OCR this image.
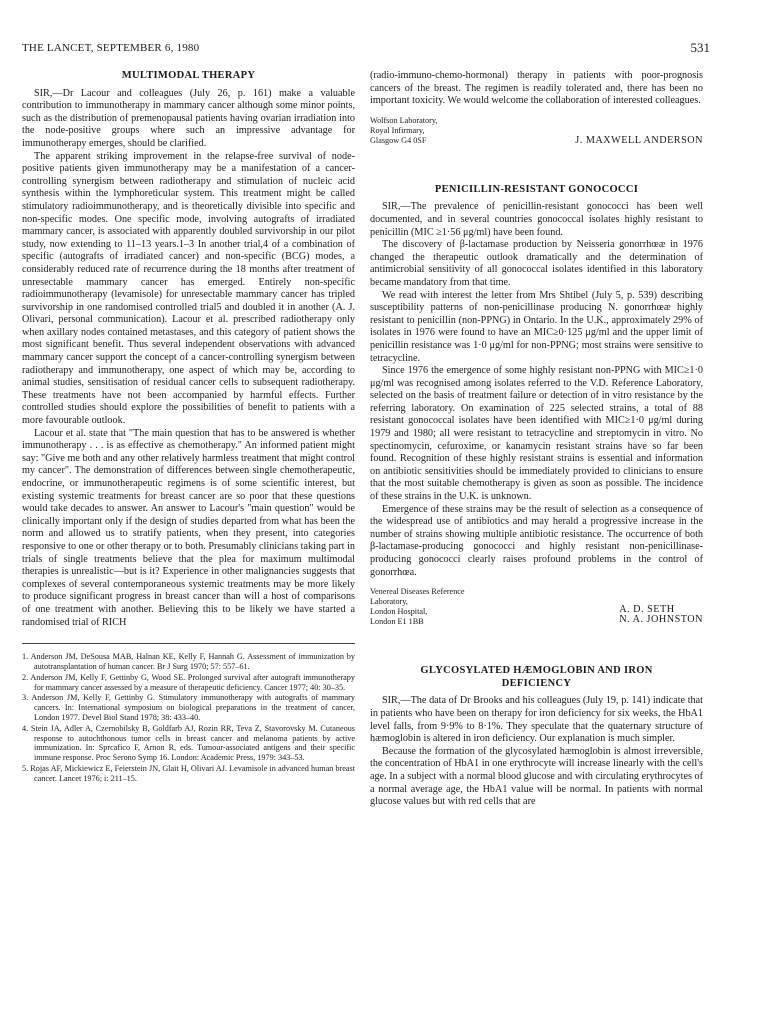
THE LANCET, SEPTEMBER 6, 1980	531
MULTIMODAL THERAPY

SIR,—Dr Lacour and colleagues (July 26, p. 161) make a valuable contribution to immunotherapy in mammary cancer although some minor points, such as the distribution of premenopausal patients having ovarian irradiation into the node-positive groups where such an impressive advantage for immunotherapy emerges, should be clarified.

The apparent striking improvement in the relapse-free survival of node-positive patients given immunotherapy may be a manifestation of a cancer-controlling synergism between radiotherapy and stimulation of nucleic acid synthesis within the lymphoreticular system. This treatment might be called stimulatory radioimmunotherapy, and is theoretically divisible into specific and non-specific modes. One specific mode, involving autografts of irradiated mammary cancer, is associated with apparently doubled survivorship in our pilot study, now extending to 11–13 years.1–3 In another trial,4 of a combination of specific (autografts of irradiated cancer) and non-specific (BCG) modes, a considerably reduced rate of recurrence during the 18 months after treatment of unresectable mammary cancer has emerged. Entirely non-specific radioimmunotherapy (levamisole) for unresectable mammary cancer has tripled survivorship in one randomised controlled trial5 and doubled it in another (A. J. Olivari, personal communication). Lacour et al. prescribed radiotherapy only when axillary nodes contained metastases, and this category of patient shows the most significant benefit. Thus several independent observations with advanced mammary cancer support the concept of a cancer-controlling synergism between radiotherapy and immunotherapy, one aspect of which may be, according to animal studies, sensitisation of residual cancer cells to subsequent radiotherapy. These treatments have not been accompanied by harmful effects. Further controlled studies should explore the possibilities of benefit to patients with a more favourable outlook.

Lacour et al. state that "The main question that has to be answered is whether immunotherapy . . . is as effective as chemotherapy." An informed patient might say: "Give me both and any other relatively harmless treatment that might control my cancer". The demonstration of differences between single chemotherapeutic, endocrine, or immunotherapeutic regimens is of some scientific interest, but existing systemic treatments for breast cancer are so poor that these questions would take decades to answer. An answer to Lacour's "main question" would be clinically important only if the design of studies departed from what has been the norm and allowed us to stratify patients, when they present, into categories responsive to one or other therapy or to both. Presumably clinicians taking part in trials of single treatments believe that the plea for maximum multimodal therapies is unrealistic—but is it? Experience in other malignancies suggests that complexes of several contemporaneous systemic treatments may be more likely to produce significant progress in breast cancer than will a host of comparisons of one treatment with another. Believing this to be likely we have started a randomised trial of RICH

1. Anderson JM, DeSousa MAB, Halnan KE, Kelly F, Hannah G. Assessment of immunization by autotransplantation of human cancer. Br J Surg 1970; 57: 557–61.
2. Anderson JM, Kelly F, Gettinby G, Wood SE. Prolonged survival after autograft immunotherapy for mammary cancer assessed by a measure of therapeutic deficiency. Cancer 1977; 40: 30–35.
3. Anderson JM, Kelly F, Gettinby G. Stimulatory immunotherapy with autografts of mammary cancers. In: International symposium on biological preparations in the treatment of cancer, London 1977. Devel Biol Stand 1978; 38: 433–40.
4. Stein JA, Adler A, Czernobilsky B, Goldfarb AJ, Rozin RR, Teva Z, Stavorovsky M. Cutaneous response to autochthonous tumor cells in breast cancer and melanoma patients by active immunization. In: Sprcafico F, Arnon R, eds. Tumour-associated antigens and their specific immune response. Proc Serono Symp 16. London: Academic Press, 1979: 343–53.
5. Rojas AF, Mickiewicz E, Feierstein JN, Glait H, Olivari AJ. Levamisole in advanced human breast cancer. Lancet 1976; i: 211–15.

(radio-immuno-chemo-hormonal) therapy in patients with poor-prognosis cancers of the breast. The regimen is readily tolerated and, there has been no important toxicity. We would welcome the collaboration of interested colleagues.

Wolfson Laboratory,
Royal Infirmary,
Glasgow G4 0SF	J. MAXWELL ANDERSON
PENICILLIN-RESISTANT GONOCOCCI

SIR,—The prevalence of penicillin-resistant gonococci has been well documented, and in several countries gonococcal isolates highly resistant to penicillin (MIC ≥1·56 μg/ml) have been found.

The discovery of β-lactamase production by Neisseria gonorrhœæ in 1976 changed the therapeutic outlook dramatically and the determination of antimicrobial sensitivity of all gonococcal isolates identified in this laboratory became mandatory from that time.

We read with interest the letter from Mrs Shtibel (July 5, p. 539) describing susceptibility patterns of non-penicillinase producing N. gonorrhœæ highly resistant to penicillin (non-PPNG) in Ontario. In the U.K., approximately 29% of isolates in 1976 were found to have an MIC≥0·125 μg/ml and the upper limit of penicillin resistance was 1·0 μg/ml for non-PPNG; most strains were sensitive to tetracycline.

Since 1976 the emergence of some highly resistant non-PPNG with MIC≥1·0 μg/ml was recognised among isolates referred to the V.D. Reference Laboratory, selected on the basis of treatment failure or detection of in vitro resistance by the referring laboratory. On examination of 225 selected strains, a total of 88 resistant gonococcal isolates have been identified with MIC≥1·0 μg/ml during 1979 and 1980; all were resistant to tetracycline and streptomycin in vitro. No spectinomycin, cefuroxime, or kanamycin resistant strains have so far been found. Recognition of these highly resistant strains is essential and information on antibiotic sensitivities should be immediately provided to clinicians to ensure that the most suitable chemotherapy is given as soon as possible. The incidence of these strains in the U.K. is unknown.

Emergence of these strains may be the result of selection as a consequence of the widespread use of antibiotics and may herald a progressive increase in the number of strains showing multiple antibiotic resistance. The occurrence of both β-lactamase-producing gonococci and highly resistant non-penicillinase-producing gonococci clearly raises profound problems in the control of gonorrhœa.

Venereal Diseases Reference
Laboratory,
London Hospital,
London E1 1BB
A. D. SETH
N. A. JOHNSTON
GLYCOSYLATED HÆMOGLOBIN AND IRON DEFICIENCY

SIR,—The data of Dr Brooks and his colleagues (July 19, p. 141) indicate that in patients who have been on therapy for iron deficiency for six weeks, the HbA1 level falls, from 9·9% to 8·1%. They speculate that the quaternary structure of hæmoglobin is altered in iron deficiency. Our explanation is much simpler.

Because the formation of the glycosylated hæmoglobin is almost irreversible, the concentration of HbA1 in one erythrocyte will increase linearly with the cell's age. In a subject with a normal blood glucose and with circulating erythrocytes of a normal average age, the HbA1 value will be normal. In patients with normal glucose values but with red cells that are
